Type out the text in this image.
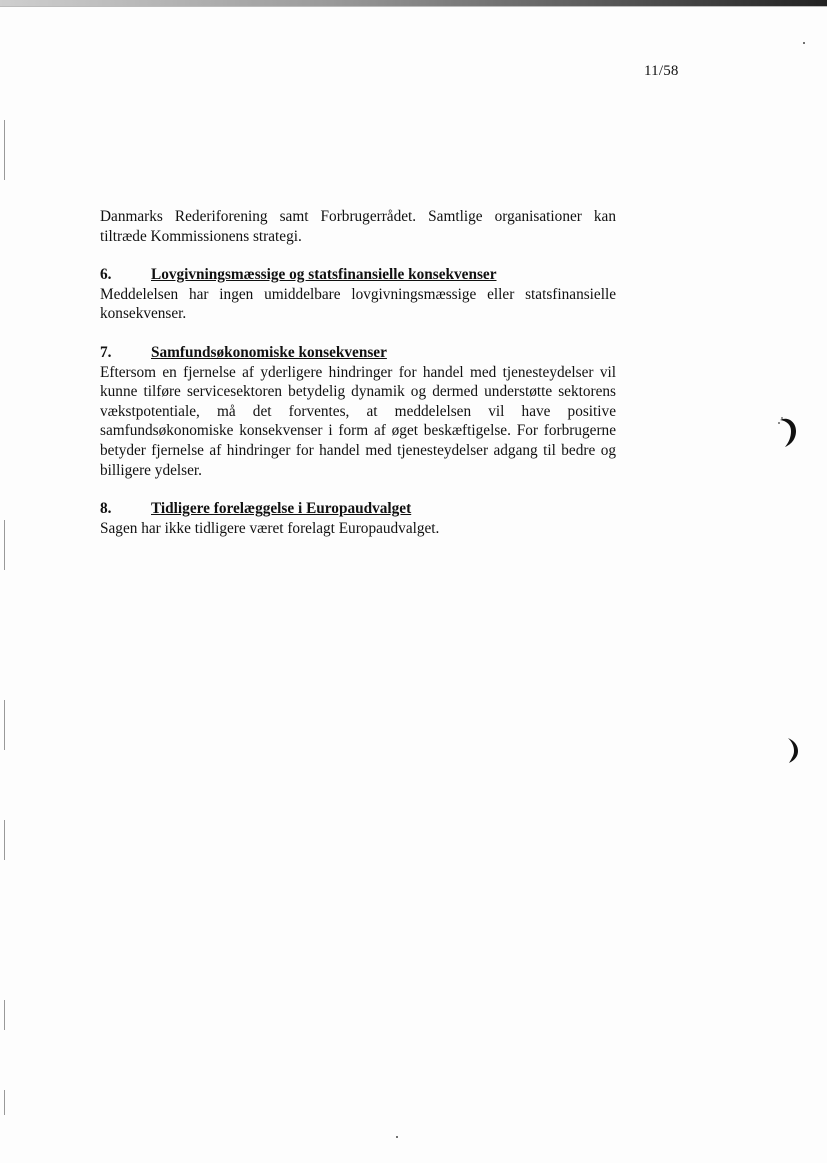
11/58

Danmarks Rederiforening samt Forbrugerrådet. Samtlige organisationer kan tiltræde Kommissionens strategi.

6.	Lovgivningsmæssige og statsfinansielle konsekvenser

Meddelelsen har ingen umiddelbare lovgivningsmæssige eller statsfinansielle konsekvenser.

7.	Samfundsøkonomiske konsekvenser

Eftersom en fjernelse af yderligere hindringer for handel med tjenesteydelser vil kunne tilføre servicesektoren betydelig dynamik og dermed understøtte sektorens vækstpotentiale, må det forventes, at meddelelsen vil have positive samfundsøkonomiske konsekvenser i form af øget beskæftigelse. For forbrugerne betyder fjernelse af hindringer for handel med tjenesteydelser adgang til bedre og billigere ydelser.

8.	Tidligere forelæggelse i Europaudvalget

Sagen har ikke tidligere været forelagt Europaudvalget.
